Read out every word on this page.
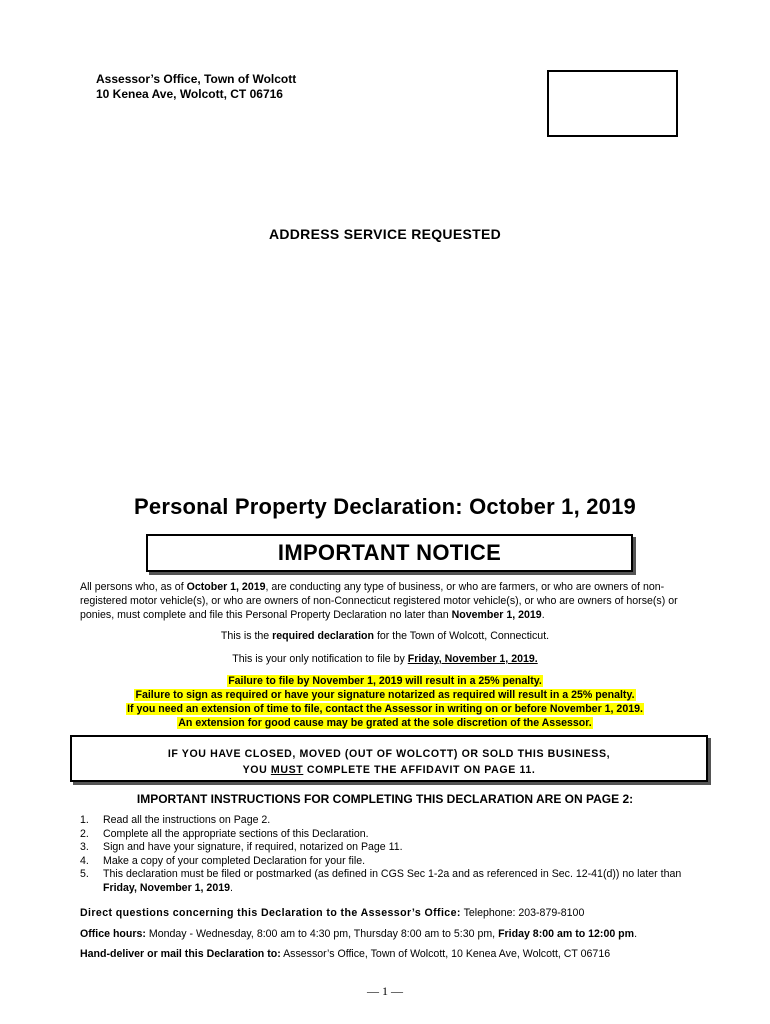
Assessor’s Office, Town of Wolcott
10 Kenea Ave, Wolcott, CT 06716
ADDRESS SERVICE REQUESTED
Personal Property Declaration: October 1, 2019
IMPORTANT NOTICE
All persons who, as of October 1, 2019, are conducting any type of business, or who are farmers, or who are owners of non-registered motor vehicle(s), or who are owners of non-Connecticut registered motor vehicle(s), or who are owners of horse(s) or ponies, must complete and file this Personal Property Declaration no later than November 1, 2019.
This is the required declaration for the Town of Wolcott, Connecticut.
This is your only notification to file by Friday, November 1, 2019.
Failure to file by November 1, 2019 will result in a 25% penalty.
Failure to sign as required or have your signature notarized as required will result in a 25% penalty.
If you need an extension of time to file, contact the Assessor in writing on or before November 1, 2019.
An extension for good cause may be grated at the sole discretion of the Assessor.
IF YOU HAVE CLOSED, MOVED (OUT OF WOLCOTT) OR SOLD THIS BUSINESS,
YOU MUST COMPLETE THE AFFIDAVIT ON PAGE 11.
IMPORTANT INSTRUCTIONS FOR COMPLETING THIS DECLARATION ARE ON PAGE 2:
1.	Read all the instructions on Page 2.
2.	Complete all the appropriate sections of this Declaration.
3.	Sign and have your signature, if required, notarized on Page 11.
4.	Make a copy of your completed Declaration for your file.
5.	This declaration must be filed or postmarked (as defined in CGS Sec 1-2a and as referenced in Sec. 12-41(d)) no later than Friday, November 1, 2019.
Direct questions concerning this Declaration to the Assessor’s Office: Telephone: 203-879-8100
Office hours: Monday - Wednesday, 8:00 am to 4:30 pm, Thursday 8:00 am to 5:30 pm, Friday 8:00 am to 12:00 pm.
Hand-deliver or mail this Declaration to: Assessor’s Office, Town of Wolcott, 10 Kenea Ave, Wolcott, CT 06716
— 1 —
